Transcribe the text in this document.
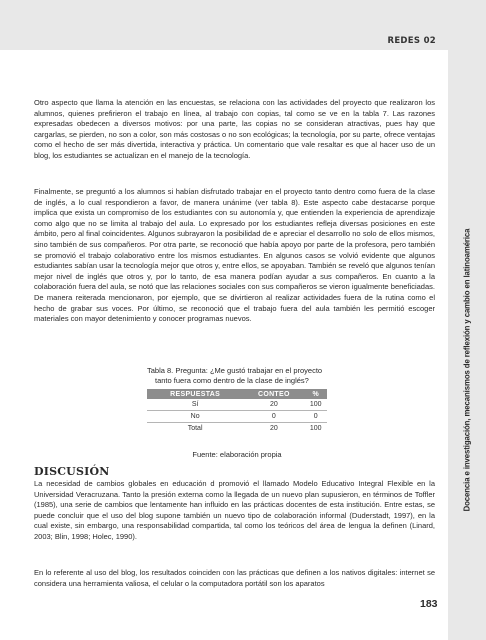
REDES 02
Docencia e investigación, mecanismos de reflexión y cambio en latinoamérica

Otro aspecto que llama la atención en las encuestas, se relaciona con las actividades del proyecto que realizaron los alumnos, quienes prefirieron el trabajo en línea, al trabajo con copias, tal como se ve en la tabla 7. Las razones expresadas obedecen a diversos motivos: por una parte, las copias no se consideran atractivas, pues hay que cargarlas, se pierden, no son a color, son más costosas o no son ecológicas; la tecnología, por su parte, ofrece ventajas como el hecho de ser más divertida, interactiva y práctica. Un comentario que vale resaltar es que al hacer uso de un blog, los estudiantes se actualizan en el manejo de la tecnología.

Finalmente, se preguntó a los alumnos si habían disfrutado trabajar en el proyecto tanto dentro como fuera de la clase de inglés, a lo cual respondieron a favor, de manera unánime (ver tabla 8). Este aspecto cabe destacarse porque implica que exista un compromiso de los estudiantes con su autonomía y, que entienden la experiencia de aprendizaje como algo que no se limita al trabajo del aula. Lo expresado por los estudiantes refleja diversas posiciones en este ámbito, pero al final coincidentes. Algunos subrayaron la posibilidad de e apreciar el desarrollo no solo de ellos mismos, sino también de sus compañeros. Por otra parte, se reconoció que había apoyo por parte de la profesora, pero también se promovió el trabajo colaborativo entre los mismos estudiantes. En algunos casos se volvió evidente que algunos estudiantes sabían usar la tecnología mejor que otros y, entre ellos, se apoyaban. También se reveló que algunos tenían mejor nivel de inglés que otros y, por lo tanto, de esa manera podían ayudar a sus compañeros. En cuanto a la colaboración fuera del aula, se notó que las relaciones sociales con sus compañeros se vieron igualmente beneficiadas. De manera reiterada mencionaron, por ejemplo, que se divirtieron al realizar actividades fuera de la rutina como el hecho de grabar sus voces. Por último, se reconoció que el trabajo fuera del aula también les permitió escoger materiales con mayor detenimiento y conocer programas nuevos.

Tabla 8. Pregunta: ¿Me gustó trabajar en el proyecto
tanto fuera como dentro de la clase de inglés?
RESPUESTAS	CONTEO	%
Sí	20	100
No	0	0
Total	20	100
Fuente: elaboración propia
DISCUSIÓN

La necesidad de cambios globales en educación d promovió el llamado Modelo Educativo Integral Flexible en la Universidad Veracruzana. Tanto la presión externa como la llegada de un nuevo plan supusieron, en términos de Toffler (1985), una serie de cambios que lentamente han influido en las prácticas docentes de esta institución. Entre estas, se puede concluir que el uso del blog supone también un nuevo tipo de colaboración informal (Duderstadt, 1997), en la cual existe, sin embargo, una responsabilidad compartida, tal como los teóricos del área de lengua la definen (Linard, 2003; Blin, 1998; Holec, 1990).

En lo referente al uso del blog, los resultados coinciden con las prácticas que definen a los nativos digitales: internet se considera una herramienta valiosa, el celular o la computadora portátil son los aparatos

183
